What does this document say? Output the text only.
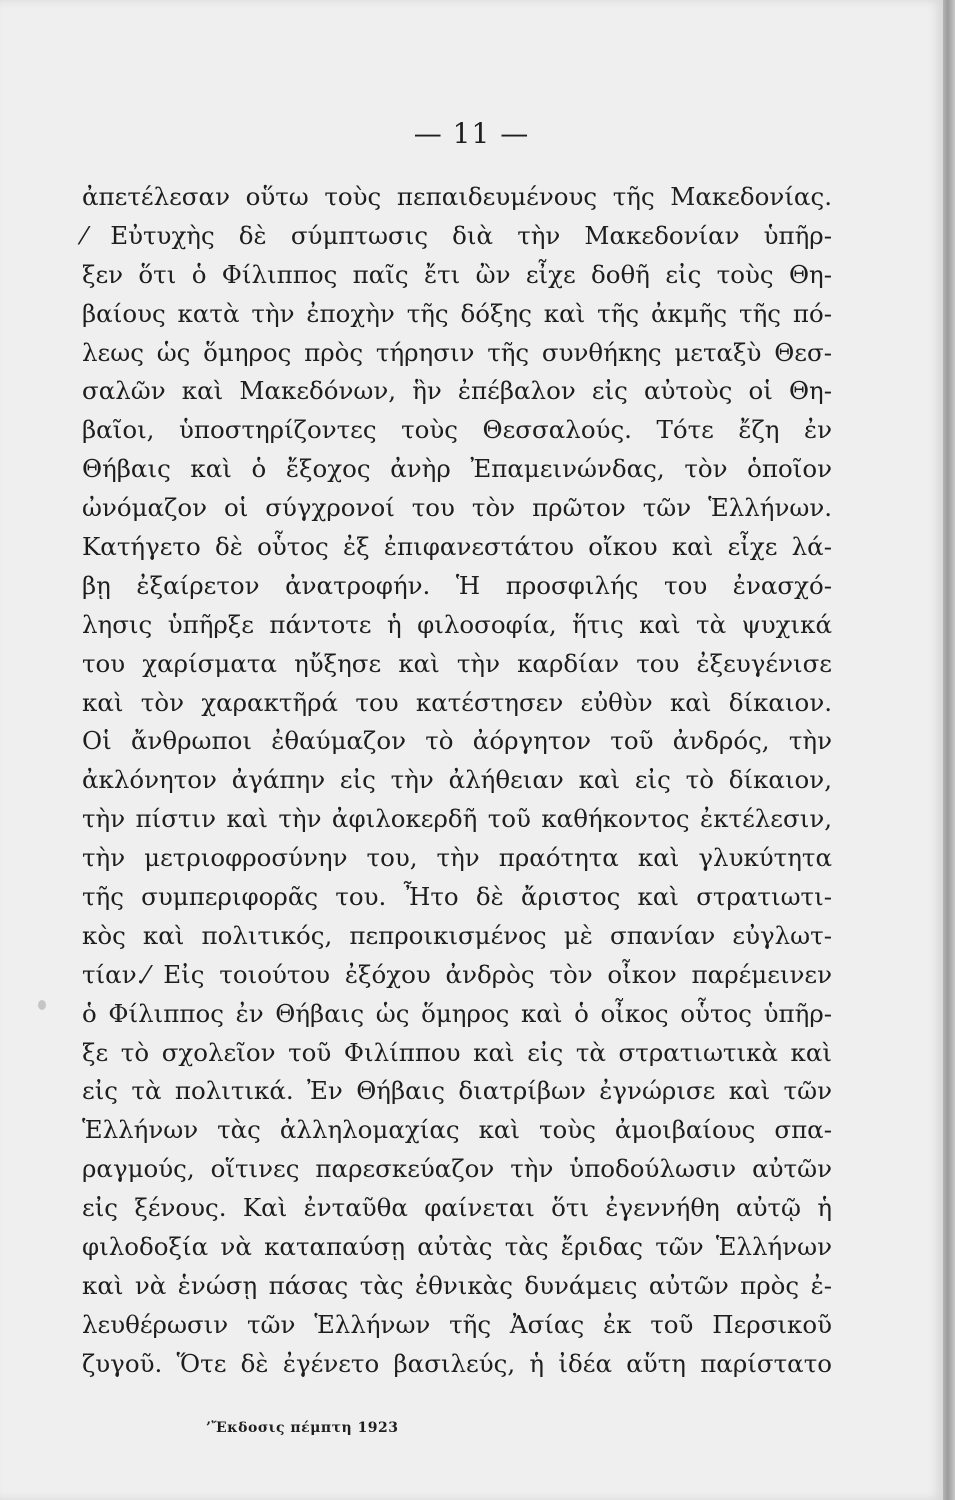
— 11 —
ἀπετέλεσαν οὕτω τοὺς πεπαιδευμένους τῆς Μακεδονίας.
⁄ Εὐτυχὴς δὲ σύμπτωσις διὰ τὴν Μακεδονίαν ὑπῆρ-
ξεν ὅτι ὁ Φίλιππος παῖς ἔτι ὢν εἶχε δοθῆ εἰς τοὺς Θη-
βαίους κατὰ τὴν ἐποχὴν τῆς δόξης καὶ τῆς ἀκμῆς τῆς πό-
λεως ὡς ὅμηρος πρὸς τήρησιν τῆς συνθήκης μεταξὺ Θεσ-
σαλῶν καὶ Μακεδόνων, ἣν ἐπέβαλον εἰς αὐτοὺς οἱ Θη-
βαῖοι, ὑποστηρίζοντες τοὺς Θεσσαλούς. Τότε ἔζη ἐν
Θήβαις καὶ ὁ ἔξοχος ἀνὴρ Ἐπαμεινώνδας, τὸν ὁποῖον
ὠνόμαζον οἱ σύγχρονοί του τὸν πρῶτον τῶν Ἑλλήνων.
Κατήγετο δὲ οὗτος ἐξ ἐπιφανεστάτου οἴκου καὶ εἶχε λά-
βῃ ἐξαίρετον ἀνατροφήν. Ἡ προσφιλής του ἐνασχό-
λησις ὑπῆρξε πάντοτε ἡ φιλοσοφία, ἥτις καὶ τὰ ψυχικά
του χαρίσματα ηὔξησε καὶ τὴν καρδίαν του ἐξευγένισε
καὶ τὸν χαρακτῆρά του κατέστησεν εὐθὺν καὶ δίκαιον.
Οἱ ἄνθρωποι ἐθαύμαζον τὸ ἀόργητον τοῦ ἀνδρός, τὴν
ἀκλόνητον ἀγάπην εἰς τὴν ἀλήθειαν καὶ εἰς τὸ δίκαιον,
τὴν πίστιν καὶ τὴν ἀφιλοκερδῆ τοῦ καθήκοντος ἐκτέλεσιν,
τὴν μετριοφροσύνην του, τὴν πραότητα καὶ γλυκύτητα
τῆς συμπεριφορᾶς του. Ἦτο δὲ ἄριστος καὶ στρατιωτι-
κὸς καὶ πολιτικός, πεπροικισμένος μὲ σπανίαν εὐγλωτ-
τίαν.⁄ Εἰς τοιούτου ἐξόχου ἀνδρὸς τὸν οἶκον παρέμεινεν
ὁ Φίλιππος ἐν Θήβαις ὡς ὅμηρος καὶ ὁ οἶκος οὗτος ὑπῆρ-
ξε τὸ σχολεῖον τοῦ Φιλίππου καὶ εἰς τὰ στρατιωτικὰ καὶ
εἰς τὰ πολιτικά. Ἐν Θήβαις διατρίβων ἐγνώρισε καὶ τῶν
Ἑλλήνων τὰς ἀλληλομαχίας καὶ τοὺς ἀμοιβαίους σπα-
ραγμούς, οἵτινες παρεσκεύαζον τὴν ὑποδούλωσιν αὐτῶν
εἰς ξένους. Καὶ ἐνταῦθα φαίνεται ὅτι ἐγεννήθη αὐτῷ ἡ
φιλοδοξία νὰ καταπαύσῃ αὐτὰς τὰς ἔριδας τῶν Ἑλλήνων
καὶ νὰ ἑνώσῃ πάσας τὰς ἐθνικὰς δυνάμεις αὐτῶν πρὸς ἐ-
λευθέρωσιν τῶν Ἑλλήνων τῆς Ἀσίας ἐκ τοῦ Περσικοῦ
ζυγοῦ. Ὅτε δὲ ἐγένετο βασιλεύς, ἡ ἰδέα αὕτη παρίστατο
’Ἔκδοσις πέμπτη 1923
